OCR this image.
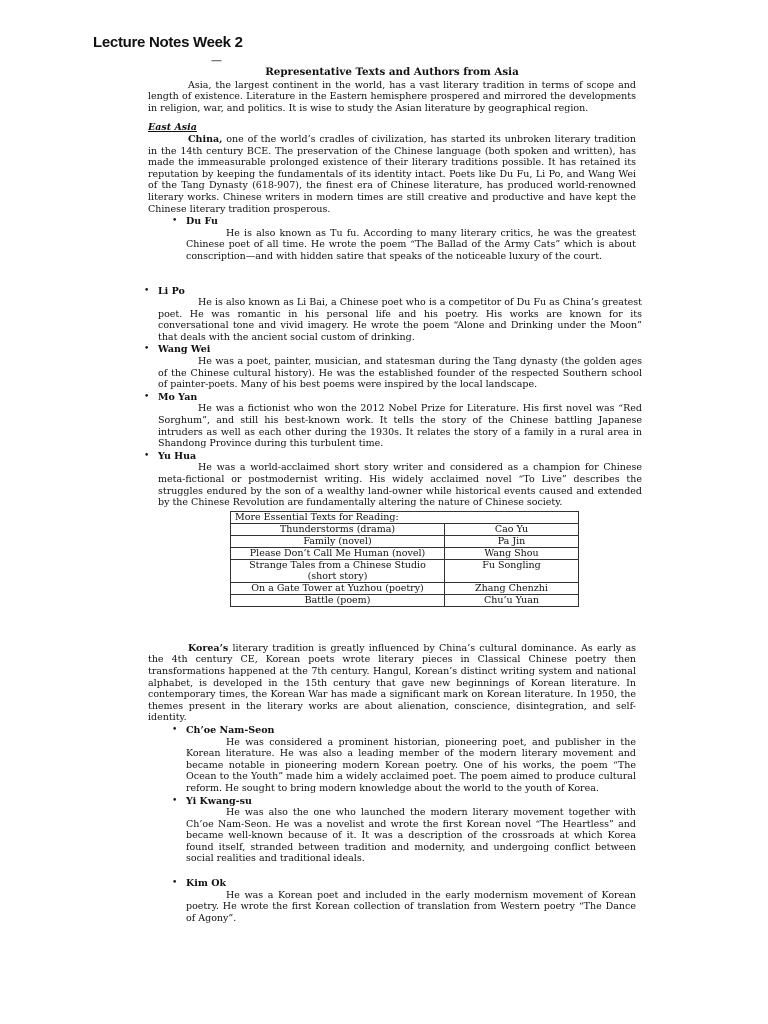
Lecture Notes Week 2
—

Representative Texts and Authors from Asia

Asia, the largest continent in the world, has a vast literary tradition in terms of scope and length of existence. Literature in the Eastern hemisphere prospered and mirrored the developments in religion, war, and politics. It is wise to study the Asian literature by geographical region.

East Asia

China, one of the world’s cradles of civilization, has started its unbroken literary tradition in the 14th century BCE. The preservation of the Chinese language (both spoken and written), has made the immeasurable prolonged existence of their literary traditions possible. It has retained its reputation by keeping the fundamentals of its identity intact. Poets like Du Fu, Li Po, and Wang Wei of the Tang Dynasty (618-907), the finest era of Chinese literature, has produced world-renowned literary works. Chinese writers in modern times are still creative and productive and have kept the Chinese literary tradition prosperous.

• Du Fu

He is also known as Tu fu. According to many literary critics, he was the greatest Chinese poet of all time. He wrote the poem “The Ballad of the Army Cats” which is about conscription—and with hidden satire that speaks of the noticeable luxury of the court.

• Li Po

He is also known as Li Bai, a Chinese poet who is a competitor of Du Fu as China’s greatest poet. He was romantic in his personal life and his poetry. His works are known for its conversational tone and vivid imagery. He wrote the poem “Alone and Drinking under the Moon” that deals with the ancient social custom of drinking.

• Wang Wei

He was a poet, painter, musician, and statesman during the Tang dynasty (the golden ages of the Chinese cultural history). He was the established founder of the respected Southern school of painter-poets. Many of his best poems were inspired by the local landscape.

• Mo Yan

He was a fictionist who won the 2012 Nobel Prize for Literature. His first novel was “Red Sorghum”, and still his best-known work. It tells the story of the Chinese battling Japanese intruders as well as each other during the 1930s. It relates the story of a family in a rural area in Shandong Province during this turbulent time.

• Yu Hua

He was a world-acclaimed short story writer and considered as a champion for Chinese meta-fictional or postmodernist writing. His widely acclaimed novel “To Live” describes the struggles endured by the son of a wealthy land-owner while historical events caused and extended by the Chinese Revolution are fundamentally altering the nature of Chinese society.

More Essential Texts for Reading:	
Thunderstorms (drama)	Cao Yu
Family (novel)	Pa Jin
Please Don’t Call Me Human (novel)	Wang Shou
Strange Tales from a Chinese Studio (short story)	Fu Songling
On a Gate Tower at Yuzhou (poetry)	Zhang Chenzhi
Battle (poem)	Chu’u Yuan

Korea’s literary tradition is greatly influenced by China’s cultural dominance. As early as the 4th century CE, Korean poets wrote literary pieces in Classical Chinese poetry then transformations happened at the 7th century. Hangul, Korean’s distinct writing system and national alphabet, is developed in the 15th century that gave new beginnings of Korean literature. In contemporary times, the Korean War has made a significant mark on Korean literature. In 1950, the themes present in the literary works are about alienation, conscience, disintegration, and self- identity.

• Ch’oe Nam-Seon

He was considered a prominent historian, pioneering poet, and publisher in the Korean literature. He was also a leading member of the modern literary movement and became notable in pioneering modern Korean poetry. One of his works, the poem “The Ocean to the Youth” made him a widely acclaimed poet. The poem aimed to produce cultural reform. He sought to bring modern knowledge about the world to the youth of Korea.

• Yi Kwang-su

He was also the one who launched the modern literary movement together with Ch’oe Nam-Seon. He was a novelist and wrote the first Korean novel “The Heartless” and became well-known because of it. It was a description of the crossroads at which Korea found itself, stranded between tradition and modernity, and undergoing conflict between social realities and traditional ideals.

• Kim Ok

He was a Korean poet and included in the early modernism movement of Korean poetry. He wrote the first Korean collection of translation from Western poetry “The Dance of Agony”.
